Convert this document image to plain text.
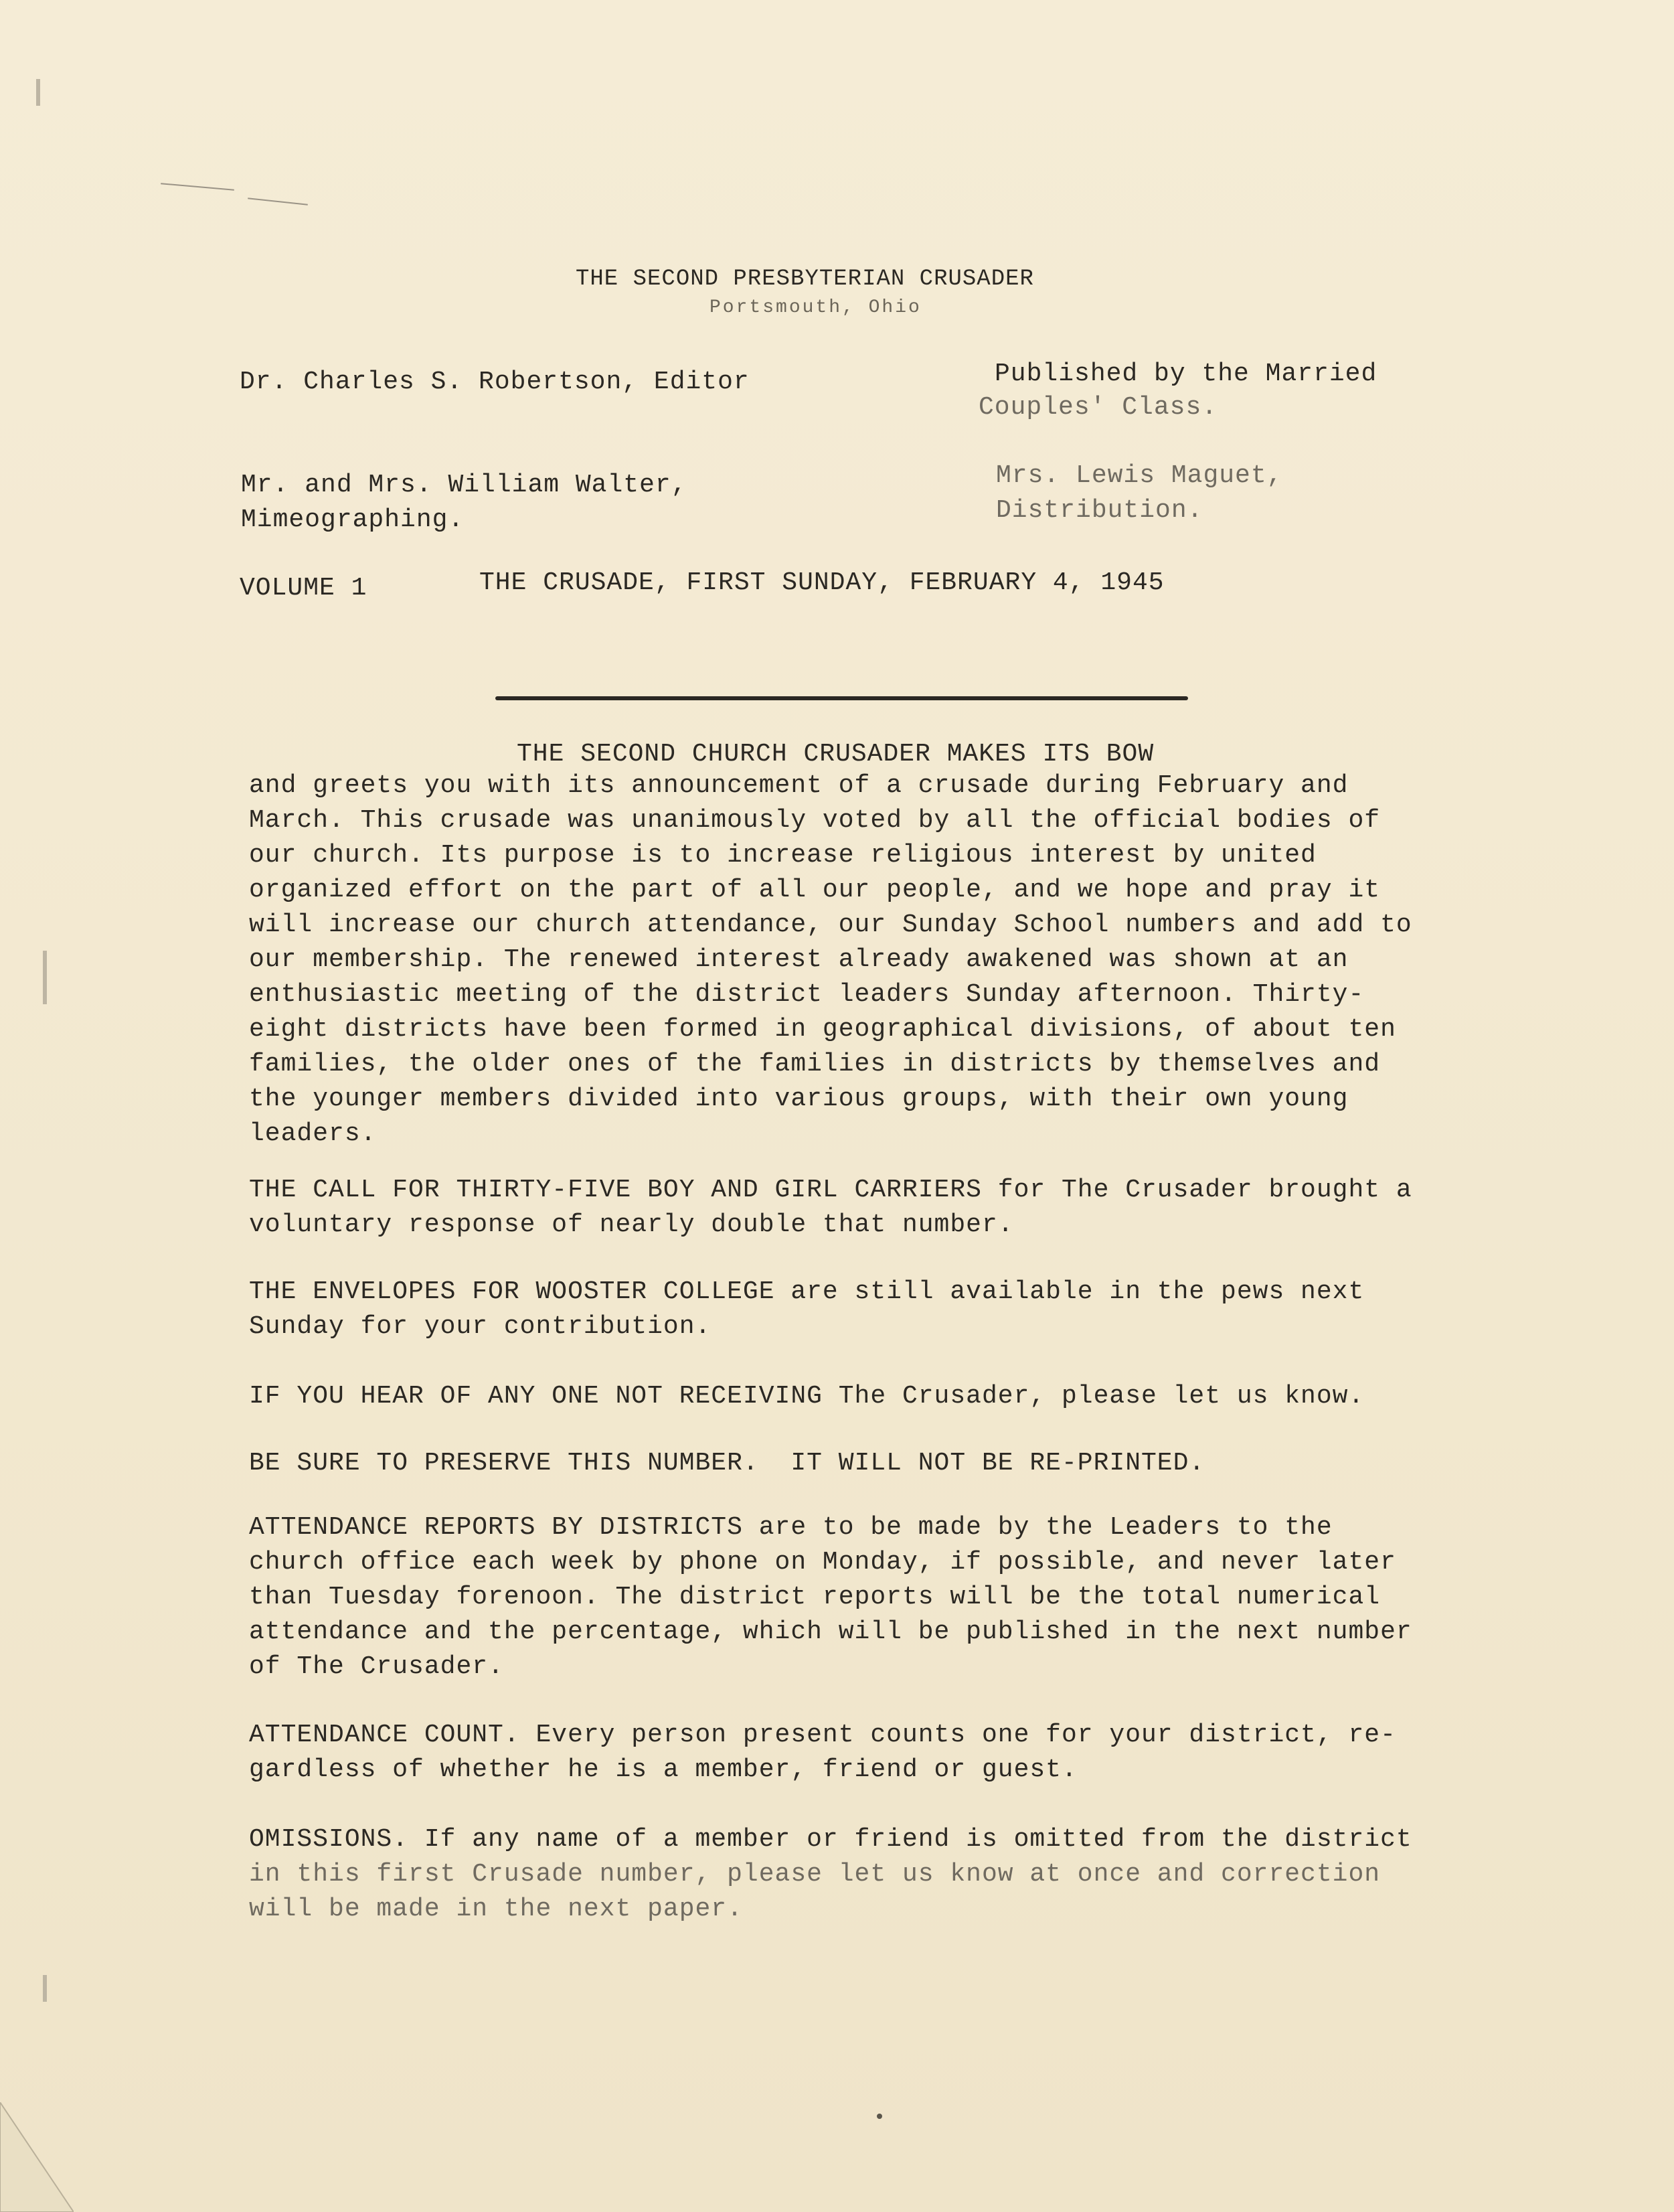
THE SECOND PRESBYTERIAN CRUSADER
Portsmouth, Ohio
Dr. Charles S. Robertson, Editor	Published by the Married
Couples' Class.
Mr. and Mrs. William Walter,
Mimeographing.
Mrs. Lewis Maguet,
Distribution.
VOLUME 1	THE CRUSADE, FIRST SUNDAY, FEBRUARY 4, 1945
THE SECOND CHURCH CRUSADER MAKES ITS BOW
and greets you with its announcement of a crusade during February and
March. This crusade was unanimously voted by all the official bodies of
our church. Its purpose is to increase religious interest by united
organized effort on the part of all our people, and we hope and pray it
will increase our church attendance, our Sunday School numbers and add to
our membership. The renewed interest already awakened was shown at an
enthusiastic meeting of the district leaders Sunday afternoon. Thirty-
eight districts have been formed in geographical divisions, of about ten
families, the older ones of the families in districts by themselves and
the younger members divided into various groups, with their own young
leaders.
THE CALL FOR THIRTY-FIVE BOY AND GIRL CARRIERS for The Crusader brought a
voluntary response of nearly double that number.
THE ENVELOPES FOR WOOSTER COLLEGE are still available in the pews next
Sunday for your contribution.
IF YOU HEAR OF ANY ONE NOT RECEIVING The Crusader, please let us know.
BE SURE TO PRESERVE THIS NUMBER.  IT WILL NOT BE RE-PRINTED.
ATTENDANCE REPORTS BY DISTRICTS are to be made by the Leaders to the
church office each week by phone on Monday, if possible, and never later
than Tuesday forenoon. The district reports will be the total numerical
attendance and the percentage, which will be published in the next number
of The Crusader.
ATTENDANCE COUNT. Every person present counts one for your district, re-
gardless of whether he is a member, friend or guest.
OMISSIONS. If any name of a member or friend is omitted from the district
in this first Crusade number, please let us know at once and correction
will be made in the next paper.
